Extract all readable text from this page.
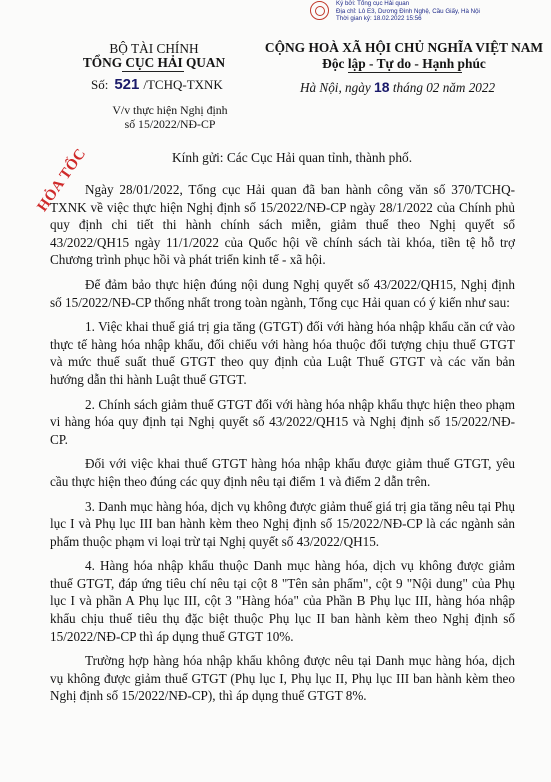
Ký bởi: Tổng cục Hải quan
Địa chỉ: Lô E3, Dương Đình Nghệ, Cầu Giấy, Hà Nội
Thời gian ký: 18.02.2022 15:56
BỘ TÀI CHÍNH
TỔNG CỤC HẢI QUAN
Số: 521 /TCHQ-TXNK
V/v thực hiện Nghị định
số 15/2022/NĐ-CP
CỘNG HOÀ XÃ HỘI CHỦ NGHĨA VIỆT NAM
Độc lập - Tự do - Hạnh phúc
Hà Nội, ngày 18 tháng 02 năm 2022
Kính gửi: Các Cục Hải quan tỉnh, thành phố.
HỎA TỐC

Ngày 28/01/2022, Tổng cục Hải quan đã ban hành công văn số 370/TCHQ-TXNK về việc thực hiện Nghị định số 15/2022/NĐ-CP ngày 28/1/2022 của Chính phủ quy định chi tiết thi hành chính sách miễn, giảm thuế theo Nghị quyết số 43/2022/QH15 ngày 11/1/2022 của Quốc hội về chính sách tài khóa, tiền tệ hỗ trợ Chương trình phục hồi và phát triển kinh tế - xã hội.

Để đảm bảo thực hiện đúng nội dung Nghị quyết số 43/2022/QH15, Nghị định số 15/2022/NĐ-CP thống nhất trong toàn ngành, Tổng cục Hải quan có ý kiến như sau:

1. Việc khai thuế giá trị gia tăng (GTGT) đối với hàng hóa nhập khẩu căn cứ vào thực tế hàng hóa nhập khẩu, đối chiếu với hàng hóa thuộc đối tượng chịu thuế GTGT và mức thuế suất thuế GTGT theo quy định của Luật Thuế GTGT và các văn bản hướng dẫn thi hành Luật thuế GTGT.

2. Chính sách giảm thuế GTGT đối với hàng hóa nhập khẩu thực hiện theo phạm vi hàng hóa quy định tại Nghị quyết số 43/2022/QH15 và Nghị định số 15/2022/NĐ-CP.

Đối với việc khai thuế GTGT hàng hóa nhập khẩu được giảm thuế GTGT, yêu cầu thực hiện theo đúng các quy định nêu tại điểm 1 và điểm 2 dẫn trên.

3. Danh mục hàng hóa, dịch vụ không được giảm thuế giá trị gia tăng nêu tại Phụ lục I và Phụ lục III ban hành kèm theo Nghị định số 15/2022/NĐ-CP là các ngành sản phẩm thuộc phạm vi loại trừ tại Nghị quyết số 43/2022/QH15.

4. Hàng hóa nhập khẩu thuộc Danh mục hàng hóa, dịch vụ không được giảm thuế GTGT, đáp ứng tiêu chí nêu tại cột 8 "Tên sản phẩm", cột 9 "Nội dung" của Phụ lục I và phần A Phụ lục III, cột 3 "Hàng hóa" của Phần B Phụ lục III, hàng hóa nhập khẩu chịu thuế tiêu thụ đặc biệt thuộc Phụ lục II ban hành kèm theo Nghị định số 15/2022/NĐ-CP thì áp dụng thuế GTGT 10%.

Trường hợp hàng hóa nhập khẩu không được nêu tại Danh mục hàng hóa, dịch vụ không được giảm thuế GTGT (Phụ lục I, Phụ lục II, Phụ lục III ban hành kèm theo Nghị định số 15/2022/NĐ-CP), thì áp dụng thuế GTGT 8%.
